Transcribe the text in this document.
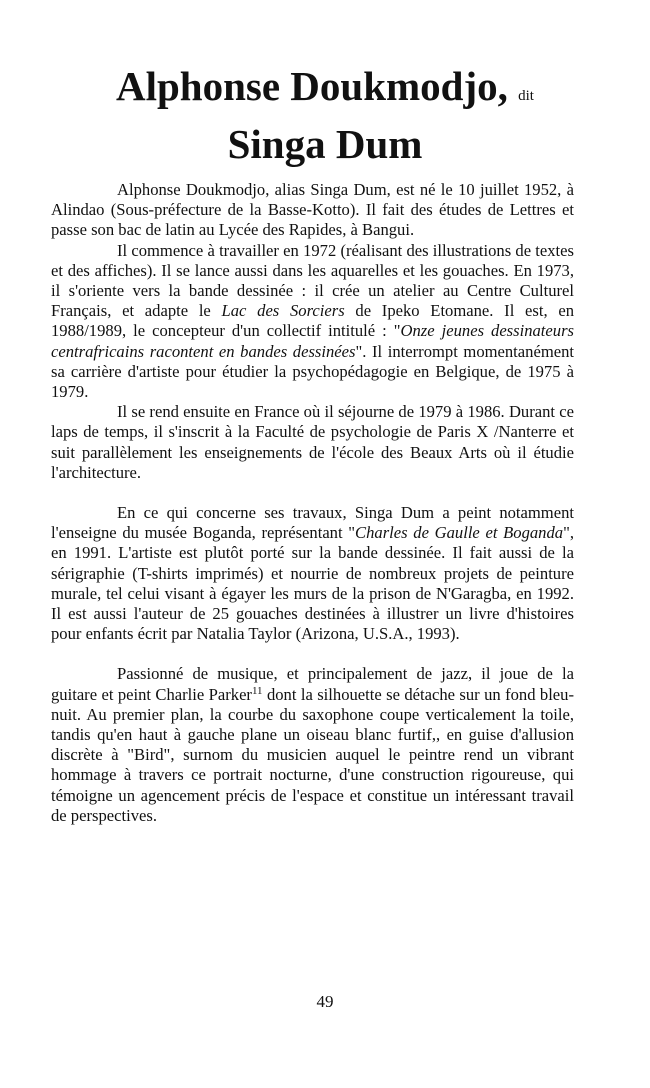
Alphonse Doukmodjo, dit
Singa Dum

Alphonse Doukmodjo, alias Singa Dum, est né le 10 juillet 1952, à Alindao (Sous-préfecture de la Basse-Kotto). Il fait des études de Lettres et passe son bac de latin au Lycée des Rapides, à Bangui.

Il commence à travailler en 1972 (réalisant des illustrations de textes et des affiches). Il se lance aussi dans les aquarelles et les gouaches. En 1973, il s'oriente vers la bande dessinée : il crée un atelier au Centre Culturel Français, et adapte le Lac des Sorciers de Ipeko Etomane. Il est, en 1988/1989, le concepteur d'un collectif intitulé : "Onze jeunes dessinateurs centrafricains racontent en bandes dessinées". Il interrompt momentanément sa carrière d'artiste pour étudier la psychopédagogie en Belgique, de 1975 à 1979.

Il se rend ensuite en France où il séjourne de 1979 à 1986. Durant ce laps de temps, il s'inscrit à la Faculté de psychologie de Paris X /Nanterre et suit parallèlement les enseignements de l'école des Beaux Arts où il étudie l'architecture.

En ce qui concerne ses travaux, Singa Dum a peint notamment l'enseigne du musée Boganda, représentant "Charles de Gaulle et Boganda", en 1991. L'artiste est plutôt porté sur la bande dessinée. Il fait aussi de la sérigraphie (T-shirts imprimés) et nourrie de nombreux projets de peinture murale, tel celui visant à égayer les murs de la prison de N'Garagba, en 1992. Il est aussi l'auteur de 25 gouaches destinées à illustrer un livre d'histoires pour enfants écrit par Natalia Taylor (Arizona, U.S.A., 1993).

Passionné de musique, et principalement de jazz, il joue de la guitare et peint Charlie Parker$^{11}$ dont la silhouette se détache sur un fond bleu-nuit. Au premier plan, la courbe du saxophone coupe verticalement la toile, tandis qu'en haut à gauche plane un oiseau blanc furtif,, en guise d'allusion discrète à "Bird", surnom du musicien auquel le peintre rend un vibrant hommage à travers ce portrait nocturne, d'une construction rigoureuse, qui témoigne un agencement précis de l'espace et constitue un intéressant travail de perspectives.

49
